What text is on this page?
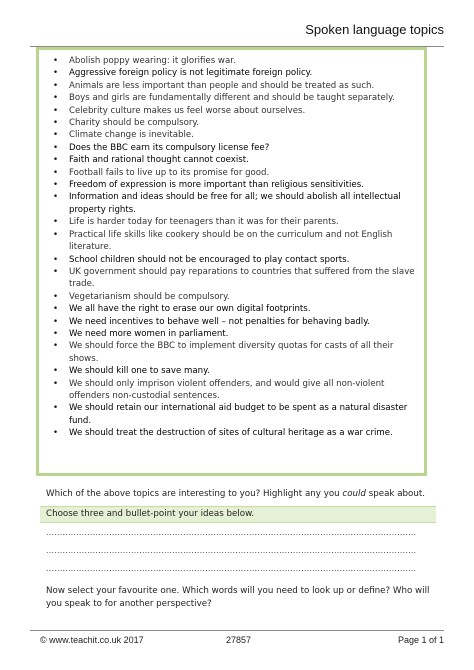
Spoken language topics
• Abolish poppy wearing: it glorifies war.
• Aggressive foreign policy is not legitimate foreign policy.
• Animals are less important than people and should be treated as such.
• Boys and girls are fundamentally different and should be taught separately.
• Celebrity culture makes us feel worse about ourselves.
• Charity should be compulsory.
• Climate change is inevitable.
• Does the BBC earn its compulsory license fee?
• Faith and rational thought cannot coexist.
• Football fails to live up to its promise for good.
• Freedom of expression is more important than religious sensitivities.
• Information and ideas should be free for all; we should abolish all intellectual property rights.
• Life is harder today for teenagers than it was for their parents.
• Practical life skills like cookery should be on the curriculum and not English literature.
• School children should not be encouraged to play contact sports.
• UK government should pay reparations to countries that suffered from the slave trade.
• Vegetarianism should be compulsory.
• We all have the right to erase our own digital footprints.
• We need incentives to behave well – not penalties for behaving badly.
• We need more women in parliament.
• We should force the BBC to implement diversity quotas for casts of all their shows.
• We should kill one to save many.
• We should only imprison violent offenders, and would give all non-violent offenders non-custodial sentences.
• We should retain our international aid budget to be spent as a natural disaster fund.
• We should treat the destruction of sites of cultural heritage as a war crime.
Which of the above topics are interesting to you? Highlight any you could speak about.
Choose three and bullet-point your ideas below.
.......................................................................................................................................
.......................................................................................................................................
.......................................................................................................................................
Now select your favourite one. Which words will you need to look up or define? Who will you speak to for another perspective?
© www.teachit.co.uk 2017	27857	Page 1 of 1
